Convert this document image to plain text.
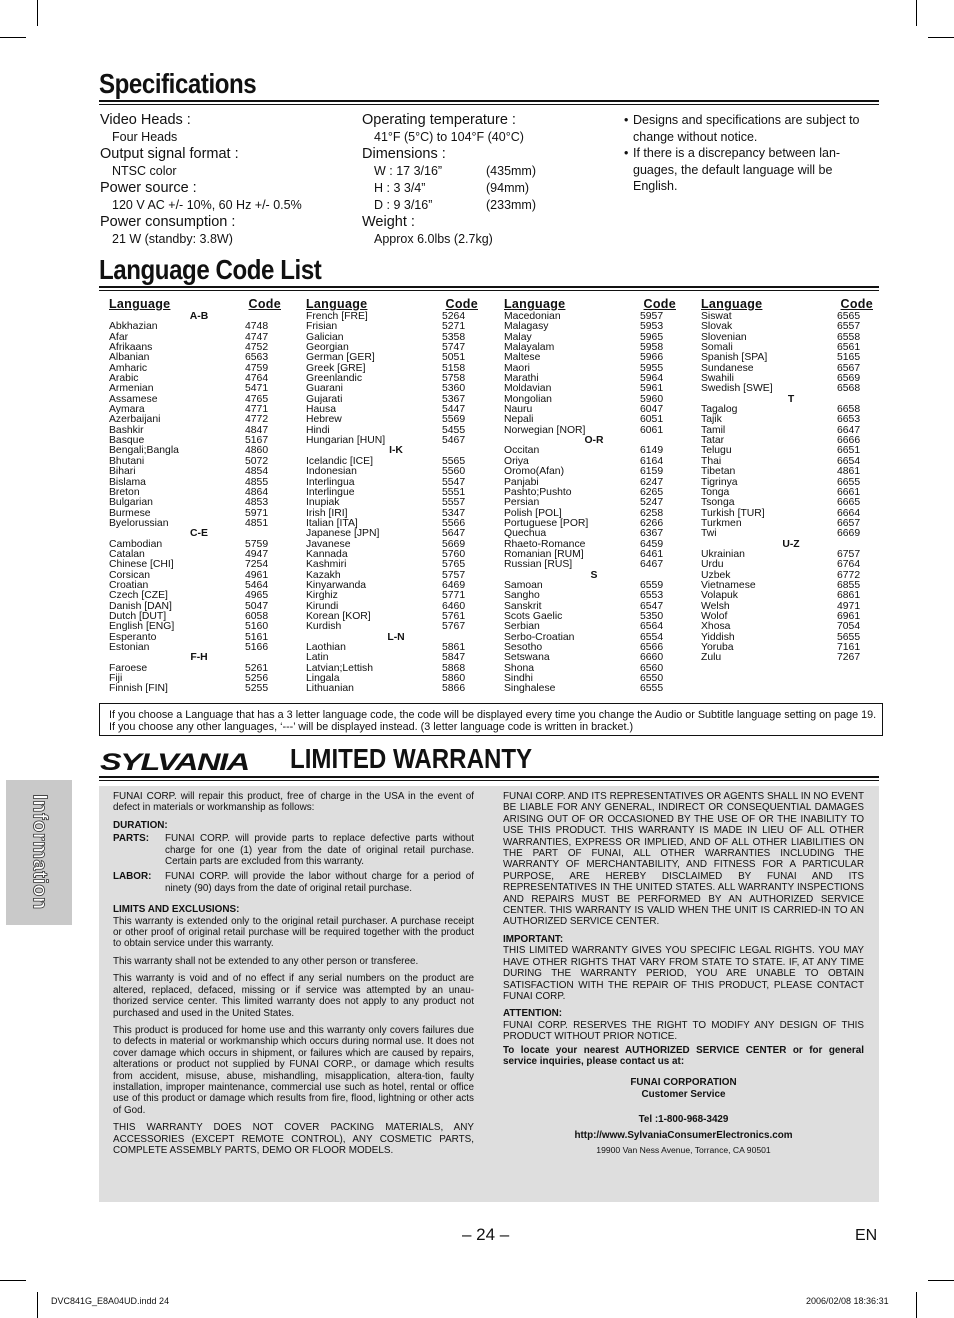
Specifications
Video Heads :
Four Heads
Output signal format :
NTSC color
Power source :
120 V AC +/- 10%, 60 Hz +/- 0.5%
Power consumption :
21 W (standby: 3.8W)
Operating temperature :
41°F (5°C) to 104°F (40°C)
Dimensions :
W : 17 3/16”	(435mm)
H : 3 3/4”	(94mm)
D : 9 3/16”	(233mm)
Weight :
Approx 6.0lbs (2.7kg)
• Designs and specifications are subject to change without notice.
• If there is a discrepancy between lan-guages, the default language will be English.
Language Code List
Language	Code
A-B
Abkhazian	4748
Afar	4747
Afrikaans	4752
Albanian	6563
Amharic	4759
Arabic	4764
Armenian	5471
Assamese	4765
Aymara	4771
Azerbaijani	4772
Bashkir	4847
Basque	5167
Bengali;Bangla	4860
Bhutani	5072
Bihari	4854
Bislama	4855
Breton	4864
Bulgarian	4853
Burmese	5971
Byelorussian	4851
C-E
Cambodian	5759
Catalan	4947
Chinese [CHI]	7254
Corsican	4961
Croatian	5464
Czech [CZE]	4965
Danish [DAN]	5047
Dutch [DUT]	6058
English [ENG]	5160
Esperanto	5161
Estonian	5166
F-H
Faroese	5261
Fiji	5256
Finnish [FIN]	5255
Language	Code
French [FRE]	5264
Frisian	5271
Galician	5358
Georgian	5747
German [GER]	5051
Greek [GRE]	5158
Greenlandic	5758
Guarani	5360
Gujarati	5367
Hausa	5447
Hebrew	5569
Hindi	5455
Hungarian [HUN]	5467
I-K
Icelandic [ICE]	5565
Indonesian	5560
Interlingua	5547
Interlingue	5551
Inupiak	5557
Irish [IRI]	5347
Italian [ITA]	5566
Japanese [JPN]	5647
Javanese	5669
Kannada	5760
Kashmiri	5765
Kazakh	5757
Kinyarwanda	6469
Kirghiz	5771
Kirundi	6460
Korean [KOR]	5761
Kurdish	5767
L-N
Laothian	5861
Latin	5847
Latvian;Lettish	5868
Lingala	5860
Lithuanian	5866
Language	Code
Macedonian	5957
Malagasy	5953
Malay	5965
Malayalam	5958
Maltese	5966
Maori	5955
Marathi	5964
Moldavian	5961
Mongolian	5960
Nauru	6047
Nepali	6051
Norwegian [NOR]	6061
O-R
Occitan	6149
Oriya	6164
Oromo(Afan)	6159
Panjabi	6247
Pashto;Pushto	6265
Persian	5247
Polish [POL]	6258
Portuguese [POR]	6266
Quechua	6367
Rhaeto-Romance	6459
Romanian [RUM]	6461
Russian [RUS]	6467
S
Samoan	6559
Sangho	6553
Sanskrit	6547
Scots Gaelic	5350
Serbian	6564
Serbo-Croatian	6554
Sesotho	6566
Setswana	6660
Shona	6560
Sindhi	6550
Singhalese	6555
Language	Code
Siswat	6565
Slovak	6557
Slovenian	6558
Somali	6561
Spanish [SPA]	5165
Sundanese	6567
Swahili	6569
Swedish [SWE]	6568
T
Tagalog	6658
Tajik	6653
Tamil	6647
Tatar	6666
Telugu	6651
Thai	6654
Tibetan	4861
Tigrinya	6655
Tonga	6661
Tsonga	6665
Turkish [TUR]	6664
Turkmen	6657
Twi	6669
U-Z
Ukrainian	6757
Urdu	6764
Uzbek	6772
Vietnamese	6855
Volapuk	6861
Welsh	4971
Wolof	6961
Xhosa	7054
Yiddish	5655
Yoruba	7161
Zulu	7267
If you choose a Language that has a 3 letter language code, the code will be displayed every time you change the Audio or Subtitle language setting on page 19. If you choose any other languages, ‘---’ will be displayed instead. (3 letter language code is written in bracket.)
SYLVANIA LIMITED WARRANTY

FUNAI CORP. will repair this product, free of charge in the USA in the event of defect in materials or workmanship as follows:

DURATION:
PARTS:	FUNAI CORP. will provide parts to replace defective parts without charge for one (1) year from the date of original retail purchase. Certain parts are excluded from this warranty.
LABOR:	FUNAI CORP. will provide the labor without charge for a period of ninety (90) days from the date of original retail purchase.
LIMITS AND EXCLUSIONS:

This warranty is extended only to the original retail purchaser. A purchase receipt or other proof of original retail purchase will be required together with the product to obtain service under this warranty.

This warranty shall not be extended to any other person or transferee.

This warranty is void and of no effect if any serial numbers on the product are altered, replaced, defaced, missing or if service was attempted by an unau-thorized service center. This limited warranty does not apply to any product not purchased and used in the United States.

This product is produced for home use and this warranty only covers failures due to defects in material or workmanship which occurs during normal use. It does not cover damage which occurs in shipment, or failures which are caused by repairs, alterations or product not supplied by FUNAI CORP., or damage which results from accident, misuse, abuse, mishandling, misapplication, altera-tion, faulty installation, improper maintenance, commercial use such as hotel, rental or office use of this product or damage which results from fire, flood, lightning or other acts of God.

THIS WARRANTY DOES NOT COVER PACKING MATERIALS, ANY ACCESSORIES (EXCEPT REMOTE CONTROL), ANY COSMETIC PARTS, COMPLETE ASSEMBLY PARTS, DEMO OR FLOOR MODELS.

FUNAI CORP. AND ITS REPRESENTATIVES OR AGENTS SHALL IN NO EVENT BE LIABLE FOR ANY GENERAL, INDIRECT OR CONSEQUENTIAL DAMAGES ARISING OUT OF OR OCCASIONED BY THE USE OF OR THE INABILITY TO USE THIS PRODUCT. THIS WARRANTY IS MADE IN LIEU OF ALL OTHER WARRANTIES, EXPRESS OR IMPLIED, AND OF ALL OTHER LIABILITIES ON THE PART OF FUNAI, ALL OTHER WARRANTIES INCLUDING THE WARRANTY OF MERCHANTABILITY, AND FITNESS FOR A PARTICULAR PURPOSE, ARE HEREBY DISCLAIMED BY FUNAI AND ITS REPRESENTATIVES IN THE UNITED STATES. ALL WARRANTY INSPECTIONS AND REPAIRS MUST BE PERFORMED BY AN AUTHORIZED SERVICE CENTER. THIS WARRANTY IS VALID WHEN THE UNIT IS CARRIED-IN TO AN AUTHORIZED SERVICE CENTER.

IMPORTANT:

THIS LIMITED WARRANTY GIVES YOU SPECIFIC LEGAL RIGHTS. YOU MAY HAVE OTHER RIGHTS THAT VARY FROM STATE TO STATE. IF, AT ANY TIME DURING THE WARRANTY PERIOD, YOU ARE UNABLE TO OBTAIN SATISFACTION WITH THE REPAIR OF THIS PRODUCT, PLEASE CONTACT FUNAI CORP.

ATTENTION:

FUNAI CORP. RESERVES THE RIGHT TO MODIFY ANY DESIGN OF THIS PRODUCT WITHOUT PRIOR NOTICE.

To locate your nearest AUTHORIZED SERVICE CENTER or for general service inquiries, please contact us at:

FUNAI CORPORATION
Customer Service
Tel :1-800-968-3429
http://www.SylvaniaConsumerElectronics.com
19900 Van Ness Avenue, Torrance, CA 90501
Information
– 24 –	EN
DVC841G_E8A04UD.indd 24	2006/02/08 18:36:31
